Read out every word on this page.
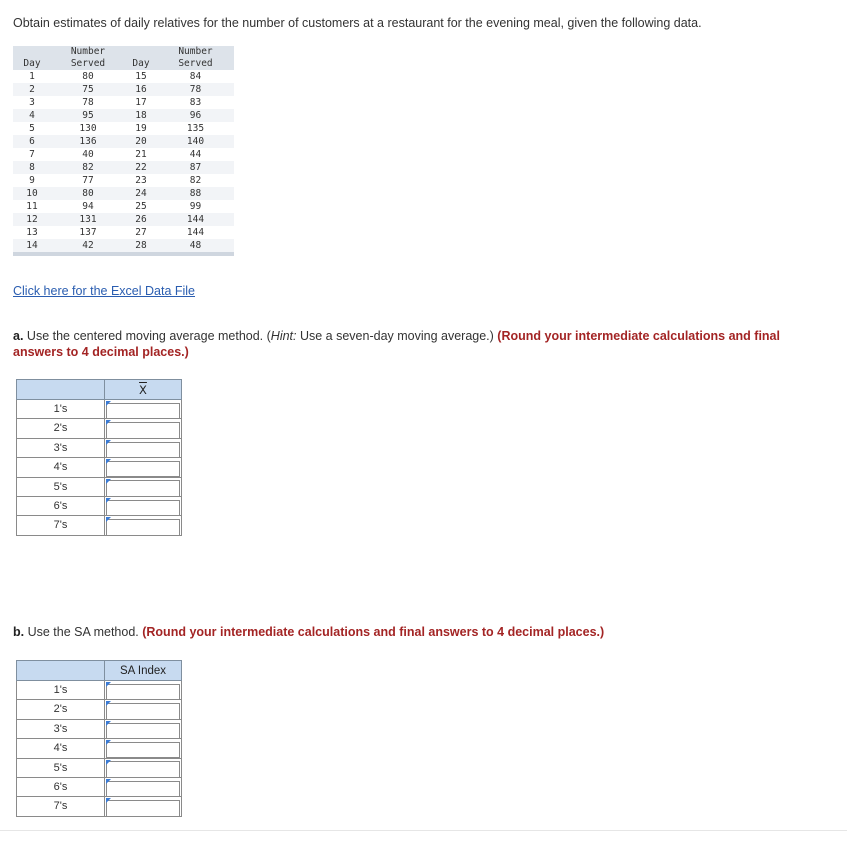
Obtain estimates of daily relatives for the number of customers at a restaurant for the evening meal, given the following data.
Day	Number	Day	Number
	Served		Served
1	80	15	84
2	75	16	78
3	78	17	83
4	95	18	96
5	130	19	135
6	136	20	140
7	40	21	44
8	82	22	87
9	77	23	82
10	80	24	88
11	94	25	99
12	131	26	144
13	137	27	144
14	42	28	48
Click here for the Excel Data File
a. Use the centered moving average method. (Hint: Use a seven-day moving average.) (Round your intermediate calculations and final answers to 4 decimal places.)
$\overline{X}$
1's
2's
3's
4's
5's
6's
7's
b. Use the SA method. (Round your intermediate calculations and final answers to 4 decimal places.)
SA Index
1's
2's
3's
4's
5's
6's
7's
